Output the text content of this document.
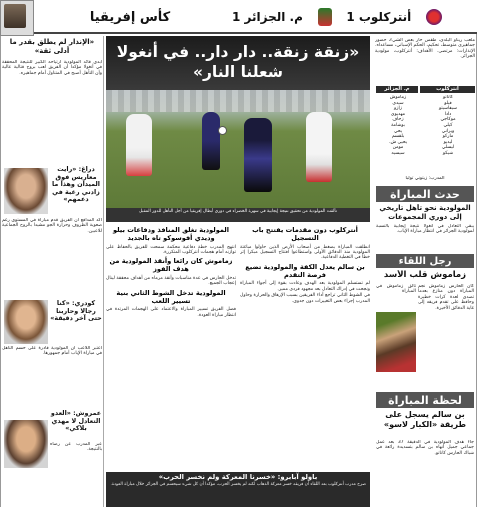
كأس إفريقيا	أنتركلوب 1
م. الجزائر 1
«زنقة زنقة.. دار دار.. في أنغولا شعلنا النار»
تألقت المولودية من تحقيق نتيجة إيجابية في سهرة الخضراء في دوري أبطال إفريقيا من أجل التأهل للدور المقبل
ملعب ريناو البلدي، طقس حار بعض الشيء، حضور جماهيري متوسط، تحكيم، الحكم الإسباني، مساعداه. الإنذارات: مرتضى. الأهداف: أنتركلوب، مولودية الجزائر.
أنتركلوب
م. الجزائر
كاناتو
فيلو
سيفاسيتو
دادا
موكاجي
كيلي
ويراني
ماركو
ليديو
ليسلي
شيكو
زماموش
سيدي
زازو
مهديوي
زحاف
بوشامة
يحي
بلقسم
يحيى ش.
مومن
سيسيه
المدرب: زيتوني تولبا
حدث المباراة
المولودية نحو تأهل تاريخي إلى دوري المجموعات
يبقى التعادل في أنغولا نتيجة إيجابية بالنسبة لمولودية الجزائر في انتظار مباراة الإياب.
رجل اللقاء
زماموش قلب الأسد
تألق زماموش في المباراة
كان الحارس زماموش نجم المباراة دون منازع بعدما تصدى لعدة كرات خطيرة وحافظ على تقدم فريقه إلى غاية الدقائق الأخيرة.
لحظة المباراة
بن سالم يسجل على طريقة «الكبار لاسو»
جاء هدف المولودية في الدقيقة 37 بعد عمل جماعي جميل أنهاه بن سالم بتسديدة رائعة في شباك الحارس كاناتو.
أنتركلوب دون مقدمات يفتتح باب التسجيل

انطلقت المباراة بضغط من أصحاب الأرض الذين حاولوا مباغتة المولودية منذ الدقائق الأولى واستطاعوا افتتاح التسجيل مبكرا إثر خطأ في التغطية الدفاعية.

بن سالم يعدل الكفة والمولودية تضيع فرصة التقدم

لم تستسلم المولودية بعد الهدف وعادت بقوة إلى أجواء المباراة ونجحت في إدراك التعادل بعد مجهود فردي مميز.

في الشوط الثاني تراجع أداء الفريقين بسبب الإرهاق والحرارة وحاول المدرب إجراء بعض التغييرات دون جدوى.

المولودية تغلق المنافذ ودفاعات بيلو وديدي أفوسوكو تاه بالجديد

انتهج المدرب خطة دفاعية محكمة سمحت للفريق بالحفاظ على توازنه أمام هجمات أنتركلوب المتكررة.

زماموش كان رائعا وأنقذ المولودية من هدف الفوز

تدخل الحارس في عدة مناسبات وأنقذ مرماه من أهداف محققة لينال إعجاب الجميع.

المولودية تدخل الشوط الثاني بنية تسيير اللعب

فضل الفريق تسيير المباراة والاعتماد على الهجمات المرتدة في انتظار مباراة العودة.

باولو آبابرو: «خسرنا المعركة ولم نخسر الحرب»
صرح مدرب أنتركلوب بعد اللقاء أن فريقه خسر معركة الذهاب لكنه لم يخسر الحرب، مؤكدا أن كل شيء سيحسم في الجزائر خلال مباراة العودة.
«الإنذار لم يطلق بقدر ما أدلى ثقة»
أبدى قائد المولودية ارتياحه الكبير للنتيجة المحققة في أنغولا مؤكدا أن الفريق لعب بروح قتالية عالية وأن التأهل أصبح في المتناول أمام جماهيره.
دراغ: «رأيت معاريس فوق الميدان وهذا ما زادني رغبة في دعمهم»
أكد المدافع أن الفريق قدم مباراة في المستوى رغم صعوبة الظروف وحرارة الجو مشيدا بالروح الجماعية للاعبين.
كودري: «كنا رجالا وحاربنا حتى آخر دقيقة»
اعتبر اللاعب أن المولودية قادرة على حسم التأهل في مباراة الإياب أمام جمهورها.
عمروش: «العدو التعادل لا مهدي بلاكي»
عبر المدرب عن رضاه بالنتيجة.
